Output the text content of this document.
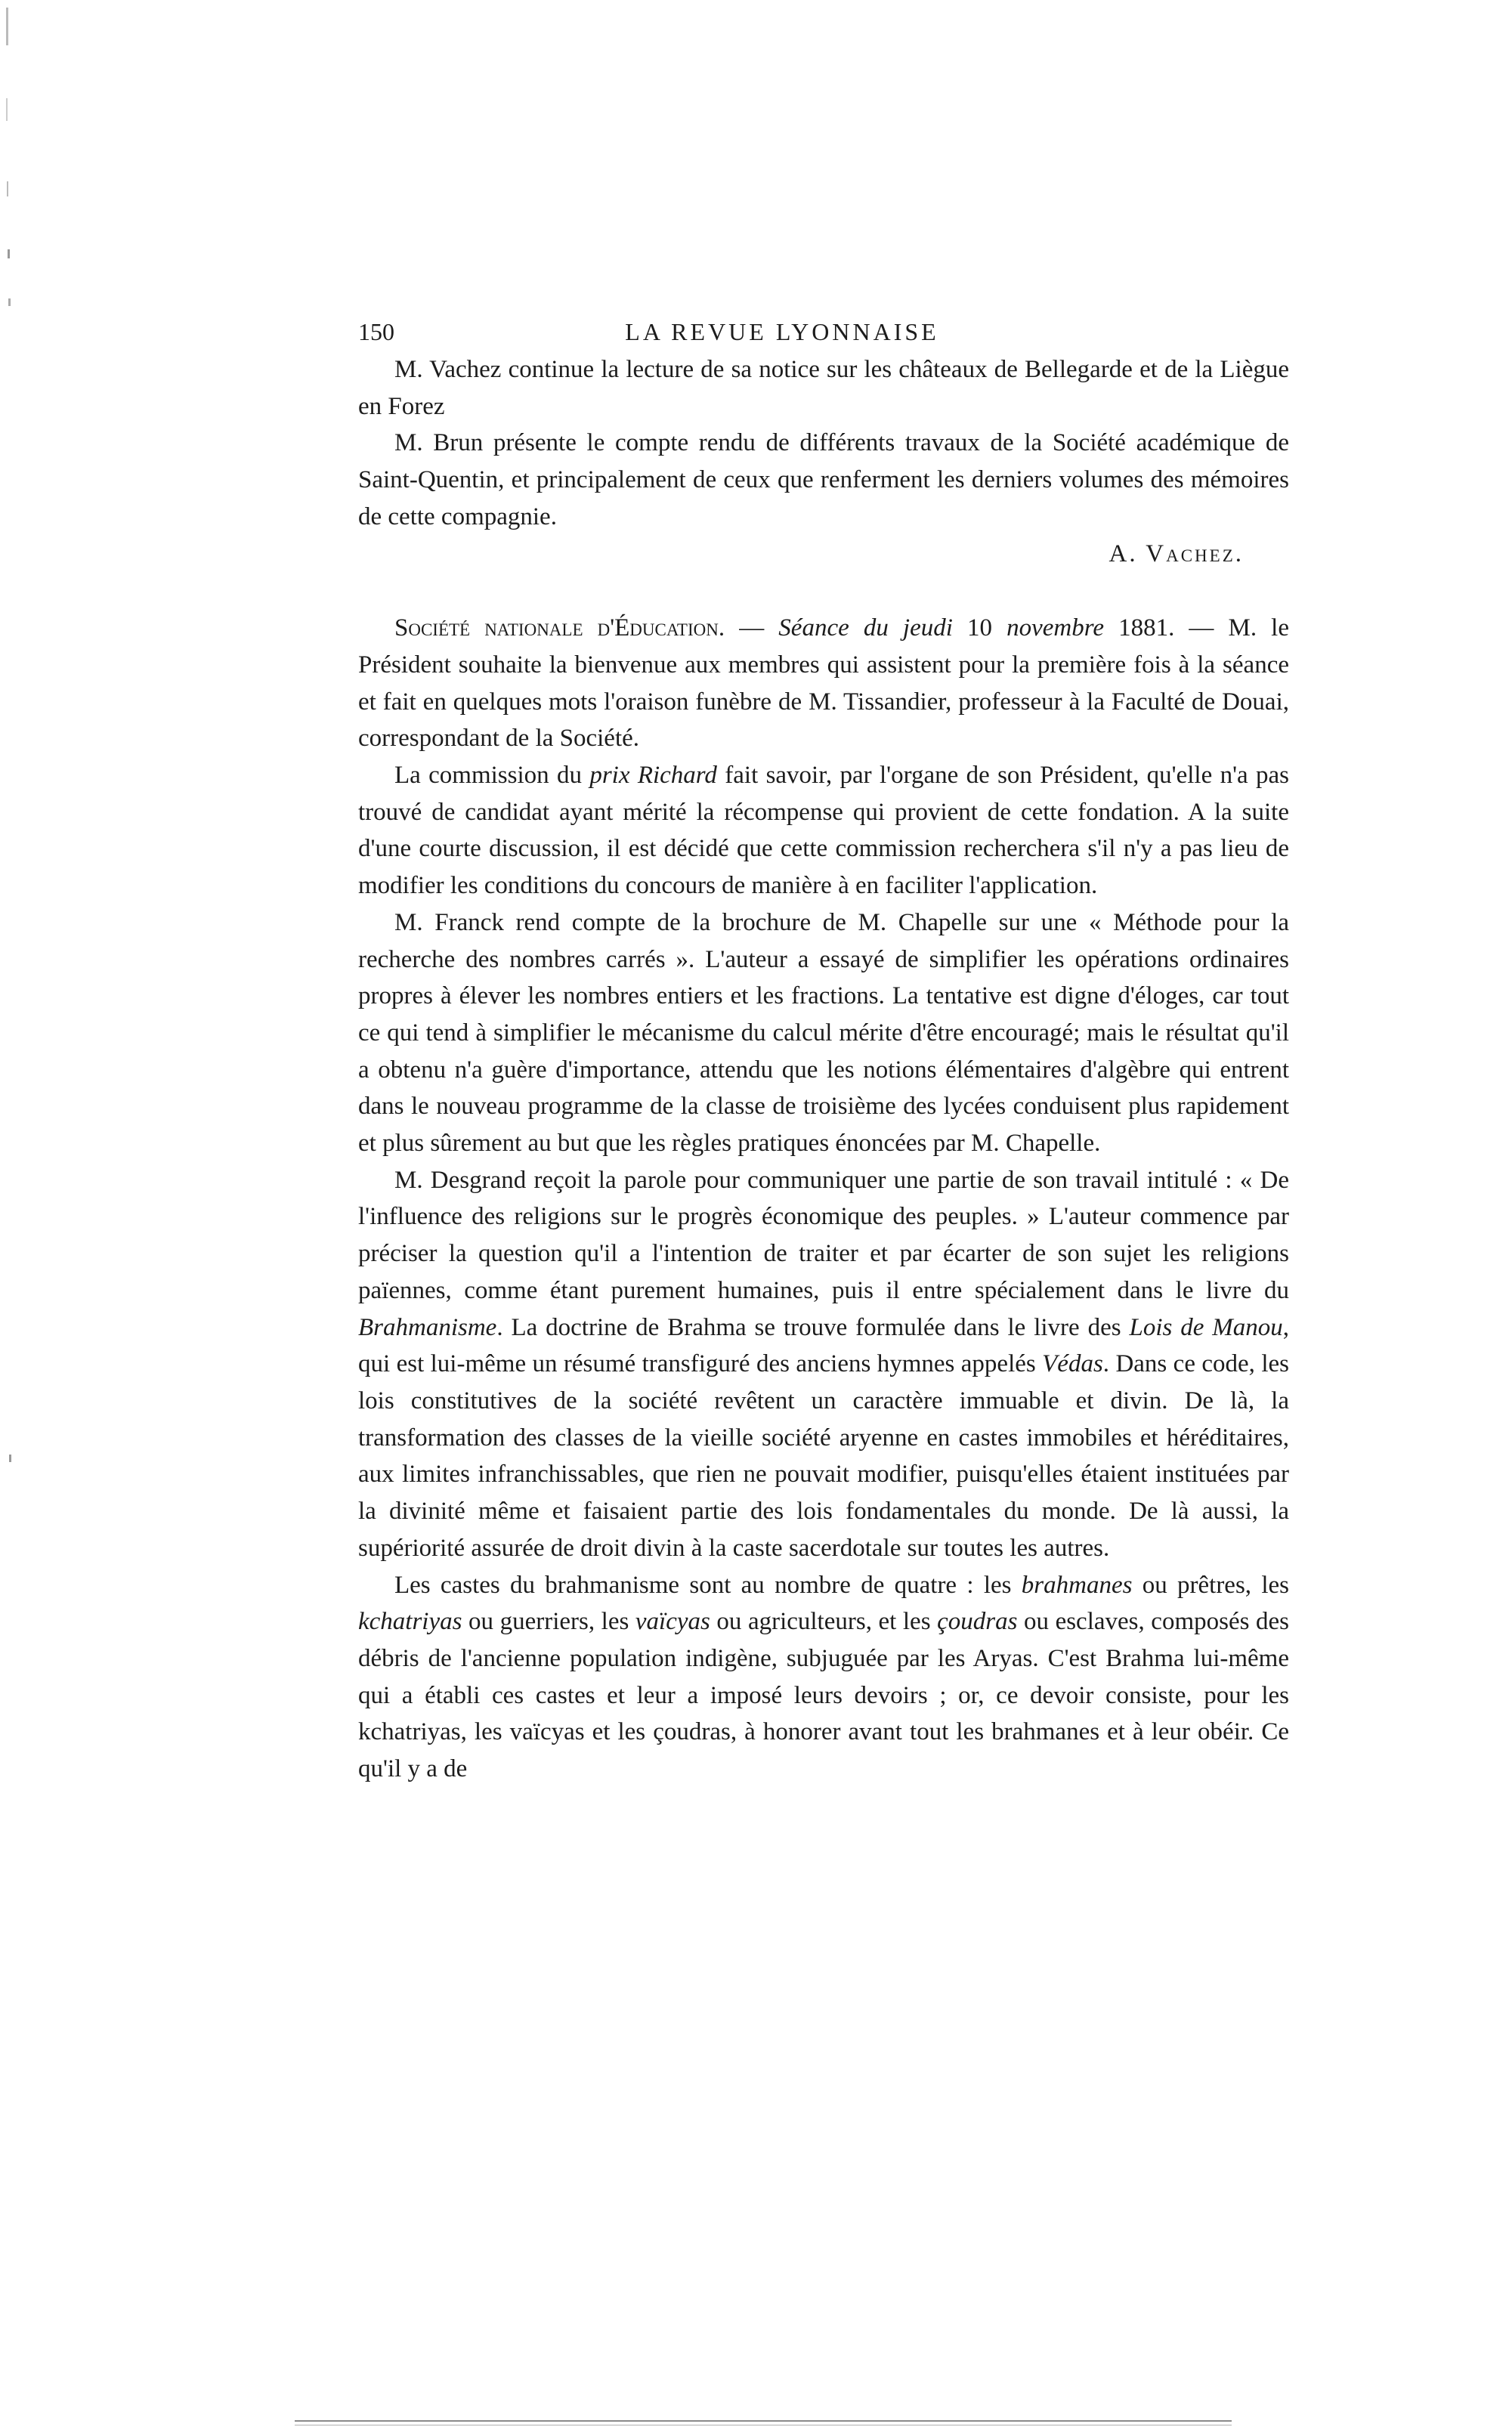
150	LA REVUE LYONNAISE

M. Vachez continue la lecture de sa notice sur les châteaux de Bellegarde et de la Liègue en Forez

M. Brun présente le compte rendu de différents travaux de la Société académique de Saint-Quentin, et principalement de ceux que renferment les derniers volumes des mémoires de cette compagnie.

A. Vachez.

Société nationale d'Éducation. — Séance du jeudi 10 novembre 1881. — M. le Président souhaite la bienvenue aux membres qui assistent pour la première fois à la séance et fait en quelques mots l'oraison funèbre de M. Tissandier, professeur à la Faculté de Douai, correspondant de la Société.

La commission du prix Richard fait savoir, par l'organe de son Président, qu'elle n'a pas trouvé de candidat ayant mérité la récompense qui provient de cette fondation. A la suite d'une courte discussion, il est décidé que cette commission recherchera s'il n'y a pas lieu de modifier les conditions du concours de manière à en faciliter l'application.

M. Franck rend compte de la brochure de M. Chapelle sur une « Méthode pour la recherche des nombres carrés ». L'auteur a essayé de simplifier les opérations ordinaires propres à élever les nombres entiers et les fractions. La tentative est digne d'éloges, car tout ce qui tend à simplifier le mécanisme du calcul mérite d'être encouragé; mais le résultat qu'il a obtenu n'a guère d'importance, attendu que les notions élémentaires d'algèbre qui entrent dans le nouveau programme de la classe de troisième des lycées conduisent plus rapidement et plus sûrement au but que les règles pratiques énoncées par M. Chapelle.

M. Desgrand reçoit la parole pour communiquer une partie de son travail intitulé : « De l'influence des religions sur le progrès économique des peuples. » L'auteur commence par préciser la question qu'il a l'intention de traiter et par écarter de son sujet les religions païennes, comme étant purement humaines, puis il entre spécialement dans le livre du Brahmanisme. La doctrine de Brahma se trouve formulée dans le livre des Lois de Manou, qui est lui-même un résumé transfiguré des anciens hymnes appelés Védas. Dans ce code, les lois constitutives de la société revêtent un caractère immuable et divin. De là, la transformation des classes de la vieille société aryenne en castes immobiles et héréditaires, aux limites infranchissables, que rien ne pouvait modifier, puisqu'elles étaient instituées par la divinité même et faisaient partie des lois fondamentales du monde. De là aussi, la supériorité assurée de droit divin à la caste sacerdotale sur toutes les autres.

Les castes du brahmanisme sont au nombre de quatre : les brahmanes ou prêtres, les kchatriyas ou guerriers, les vaïcyas ou agriculteurs, et les çoudras ou esclaves, composés des débris de l'ancienne population indigène, subjuguée par les Aryas. C'est Brahma lui-même qui a établi ces castes et leur a imposé leurs devoirs ; or, ce devoir consiste, pour les kchatriyas, les vaïcyas et les çoudras, à honorer avant tout les brahmanes et à leur obéir. Ce qu'il y a de
